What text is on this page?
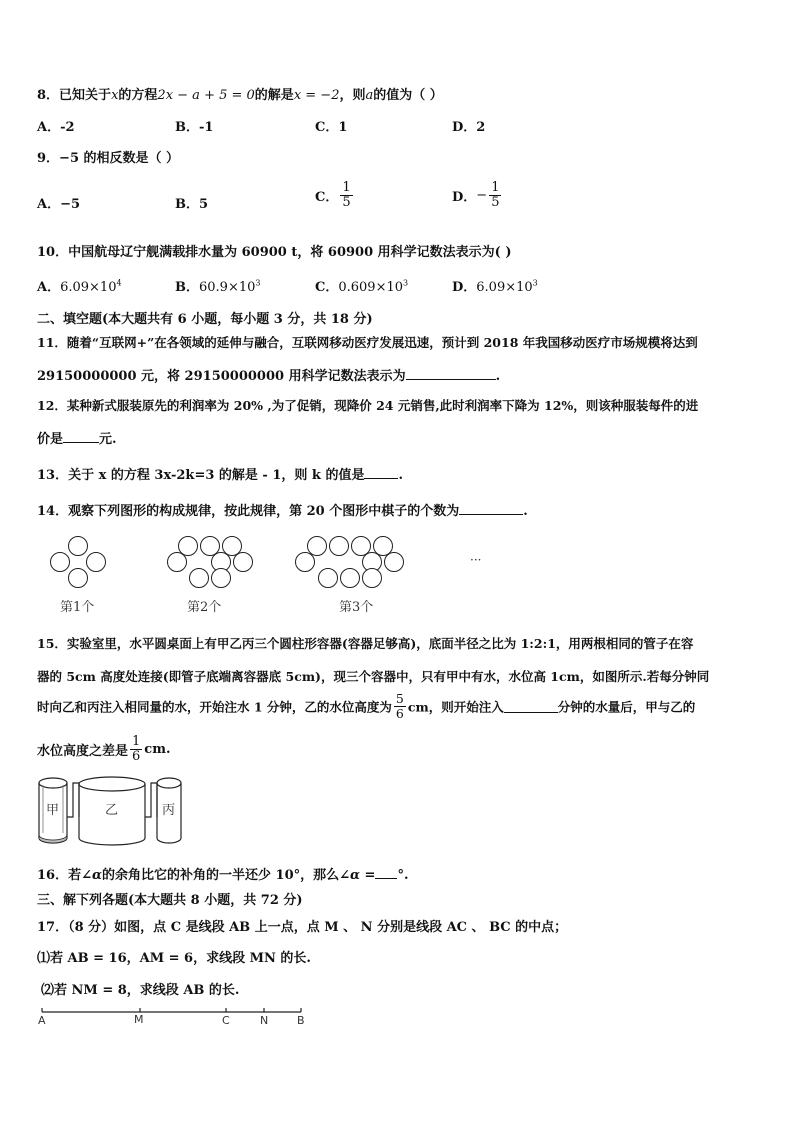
8．已知关于x的方程2x − a + 5 = 0的解是x = −2，则a的值为（ ）
A．-2	B．-1	C．1	D．2
9．−5 的相反数是（ ）
A．−5	B．5	C． $\frac{1}{5}$	D．− $\frac{1}{5}$
10．中国航母辽宁舰满载排水量为 60900 t，将 60900 用科学记数法表示为( )
A．$6.09\times 10^4$	B．$60.9\times 10^3$	C．$0.609\times 10^3$	D．$6.09\times 10^3$
二、填空题(本大题共有 6 小题，每小题 3 分，共 18 分)
11．随着“互联网+”在各领域的延伸与融合，互联网移动医疗发展迅速，预计到 2018 年我国移动医疗市场规模将达到
29150000000 元，将 29150000000 用科学记数法表示为	.
12．某种新式服装原先的利润率为 20% ,为了促销，现降价 24 元销售,此时利润率下降为 12%，则该种服装每件的进
价是	元.
13．关于 x 的方程 3x-2k=3 的解是 - 1，则 k 的值是	.
14．观察下列图形的构成规律，按此规律，第 20 个图形中棋子的个数为	.
第1个	第2个	第3个
···
15．实验室里，水平圆桌面上有甲乙丙三个圆柱形容器(容器足够高)，底面半径之比为 1:2:1，用两根相同的管子在容
器的 5cm 高度处连接(即管子底端离容器底 5cm)，现三个容器中，只有甲中有水，水位高 1cm，如图所示.若每分钟同
时向乙和丙注入相同量的水，开始注水 1 分钟，乙的水位高度为 $\frac{5}{6}$ cm，则开始注入	分钟的水量后，甲与乙的
水位高度之差是 $\frac{1}{6}$ cm.
甲	乙	丙
16．若∠α的余角比它的补角的一半还少 10°，那么∠α = °.
三、解下列各题(本大题共 8 小题，共 72 分)
17．（8 分）如图，点 C 是线段 AB 上一点，点 M 、 N 分别是线段 AC 、 BC 的中点；
⑴若 AB = 16，AM = 6，求线段 MN 的长.
⑵若 NM = 8，求线段 AB 的长.
A	M	C	N	B
